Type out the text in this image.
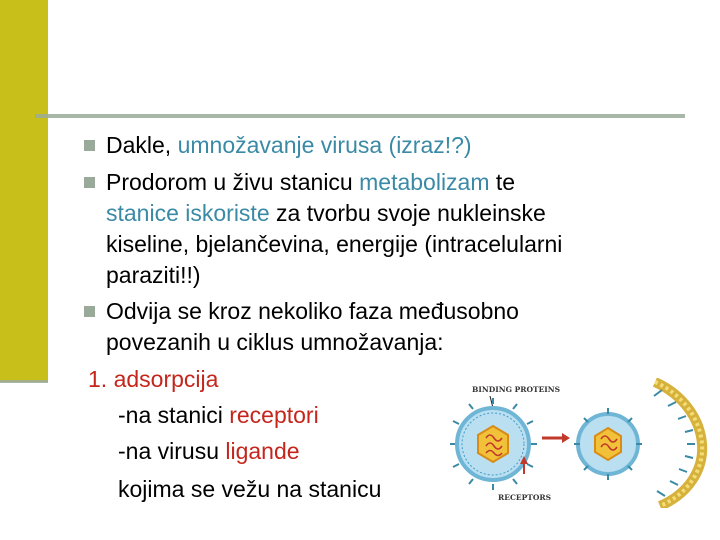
Dakle, umnožavanje virusa (izraz!?)
Prodorom u živu stanicu metabolizam te
stanice iskoriste za tvorbu svoje nukleinske
kiseline, bjelančevina, energije (intracelularni
paraziti!!)
Odvija se kroz nekoliko faza međusobno
povezanih u ciklus umnožavanja:
1. adsorpcija
-na stanici receptori
-na virusu ligande
kojima se vežu na stanicu
BINDING PROTEINS
RECEPTORS
